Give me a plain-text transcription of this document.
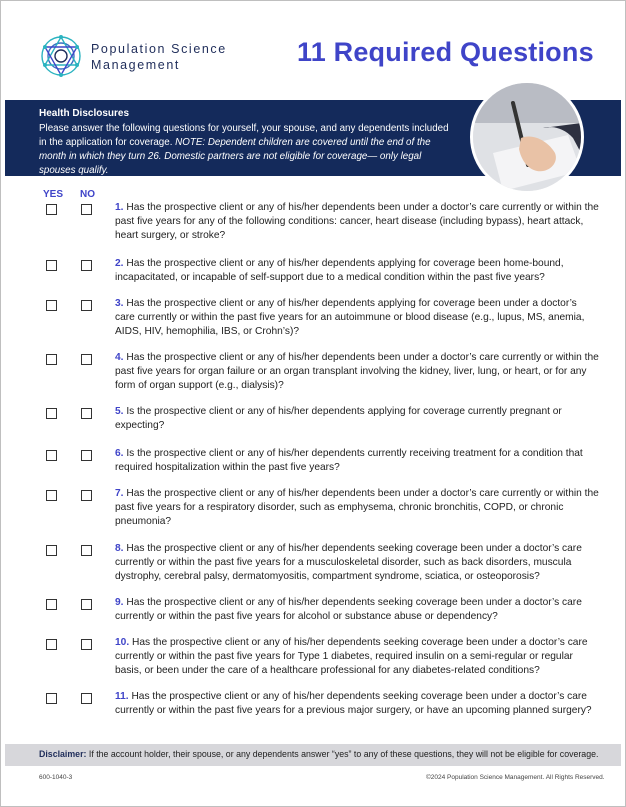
Population Science
Management	11 Required Questions
Health Disclosures
Please answer the following questions for yourself, your spouse, and any dependents included in the application for coverage. NOTE: Dependent children are covered until the end of the month in which they turn 26. Domestic partners are not eligible for coverage— only legal spouses qualify.
YES NO
1. Has the prospective client or any of his/her dependents been under a doctor’s care currently or within the past five years for any of the following conditions: cancer, heart disease (including bypass), heart attack, heart surgery, or stroke?
2. Has the prospective client or any of his/her dependents applying for coverage been home-bound, incapacitated, or incapable of self-support due to a medical condition within the past five years?
3. Has the prospective client or any of his/her dependents applying for coverage been under a doctor’s care currently or within the past five years for an autoimmune or blood disease (e.g., lupus, MS, anemia, AIDS, HIV, hemophilia, IBS, or Crohn’s)?
4. Has the prospective client or any of his/her dependents been under a doctor’s care currently or within the past five years for organ failure or an organ transplant involving the kidney, liver, lung, or heart, or for any form of organ support (e.g., dialysis)?
5. Is the prospective client or any of his/her dependents applying for coverage currently pregnant or expecting?
6. Is the prospective client or any of his/her dependents currently receiving treatment for a condition that required hospitalization within the past five years?
7. Has the prospective client or any of his/her dependents been under a doctor’s care currently or within the past five years for a respiratory disorder, such as emphysema, chronic bronchitis, COPD, or chronic pneumonia?
8. Has the prospective client or any of his/her dependents seeking coverage been under a doctor’s care currently or within the past five years for a musculoskeletal disorder, such as back disorders, muscula dystrophy, cerebral palsy, dermatomyositis, compartment syndrome, sciatica, or osteoporosis?
9. Has the prospective client or any of his/her dependents seeking coverage been under a doctor’s care currently or within the past five years for alcohol or substance abuse or dependency?
10. Has the prospective client or any of his/her dependents seeking coverage been under a doctor’s care currently or within the past five years for Type 1 diabetes, required insulin on a semi-regular or regular basis, or been under the care of a healthcare professional for any diabetes-related conditions?
11. Has the prospective client or any of his/her dependents seeking coverage been under a doctor’s care currently or within the past five years for a previous major surgery, or have an upcoming planned surgery?
Disclaimer: If the account holder, their spouse, or any dependents answer “yes” to any of these questions, they will not be eligible for coverage.
600-1040-3	©2024 Population Science Management. All Rights Reserved.
